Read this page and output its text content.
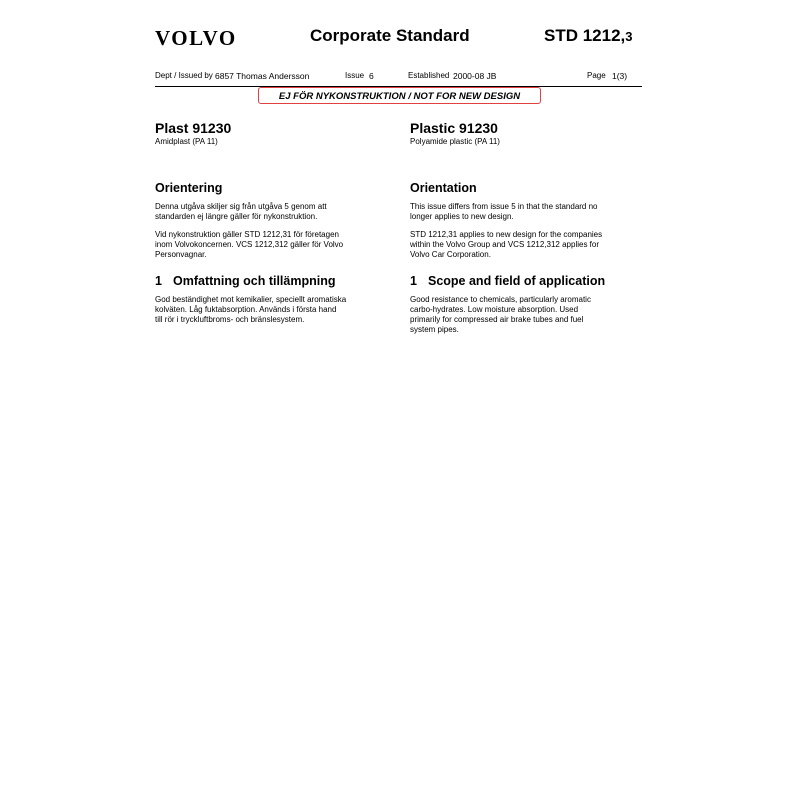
VOLVO	Corporate Standard	STD 1212,3
Dept / Issued by 6857 Thomas Andersson	Issue 6	Established 2000-08 JB	Page 1(3)
EJ FÖR NYKONSTRUKTION / NOT FOR NEW DESIGN

Plast 91230

Amidplast (PA 11)

Orientering
Denna utgåva skiljer sig från utgåva 5 genom att
standarden ej längre gäller för nykonstruktion.
Vid nykonstruktion gäller STD 1212,31 för företagen
inom Volvokoncernen. VCS 1212,312 gäller för Volvo
Personvagnar.
1 Omfattning och tillämpning
God beständighet mot kemikalier, speciellt aromatiska
kolväten. Låg fuktabsorption. Används i första hand
till rör i tryckluftbroms- och bränslesystem.

Plastic 91230

Polyamide plastic (PA 11)

Orientation
This issue differs from issue 5 in that the standard no
longer applies to new design.
STD 1212,31 applies to new design for the companies
within the Volvo Group and VCS 1212,312 applies for
Volvo Car Corporation.
1 Scope and field of application
Good resistance to chemicals, particularly aromatic
carbo-hydrates. Low moisture absorption. Used
primarily for compressed air brake tubes and fuel
system pipes.
